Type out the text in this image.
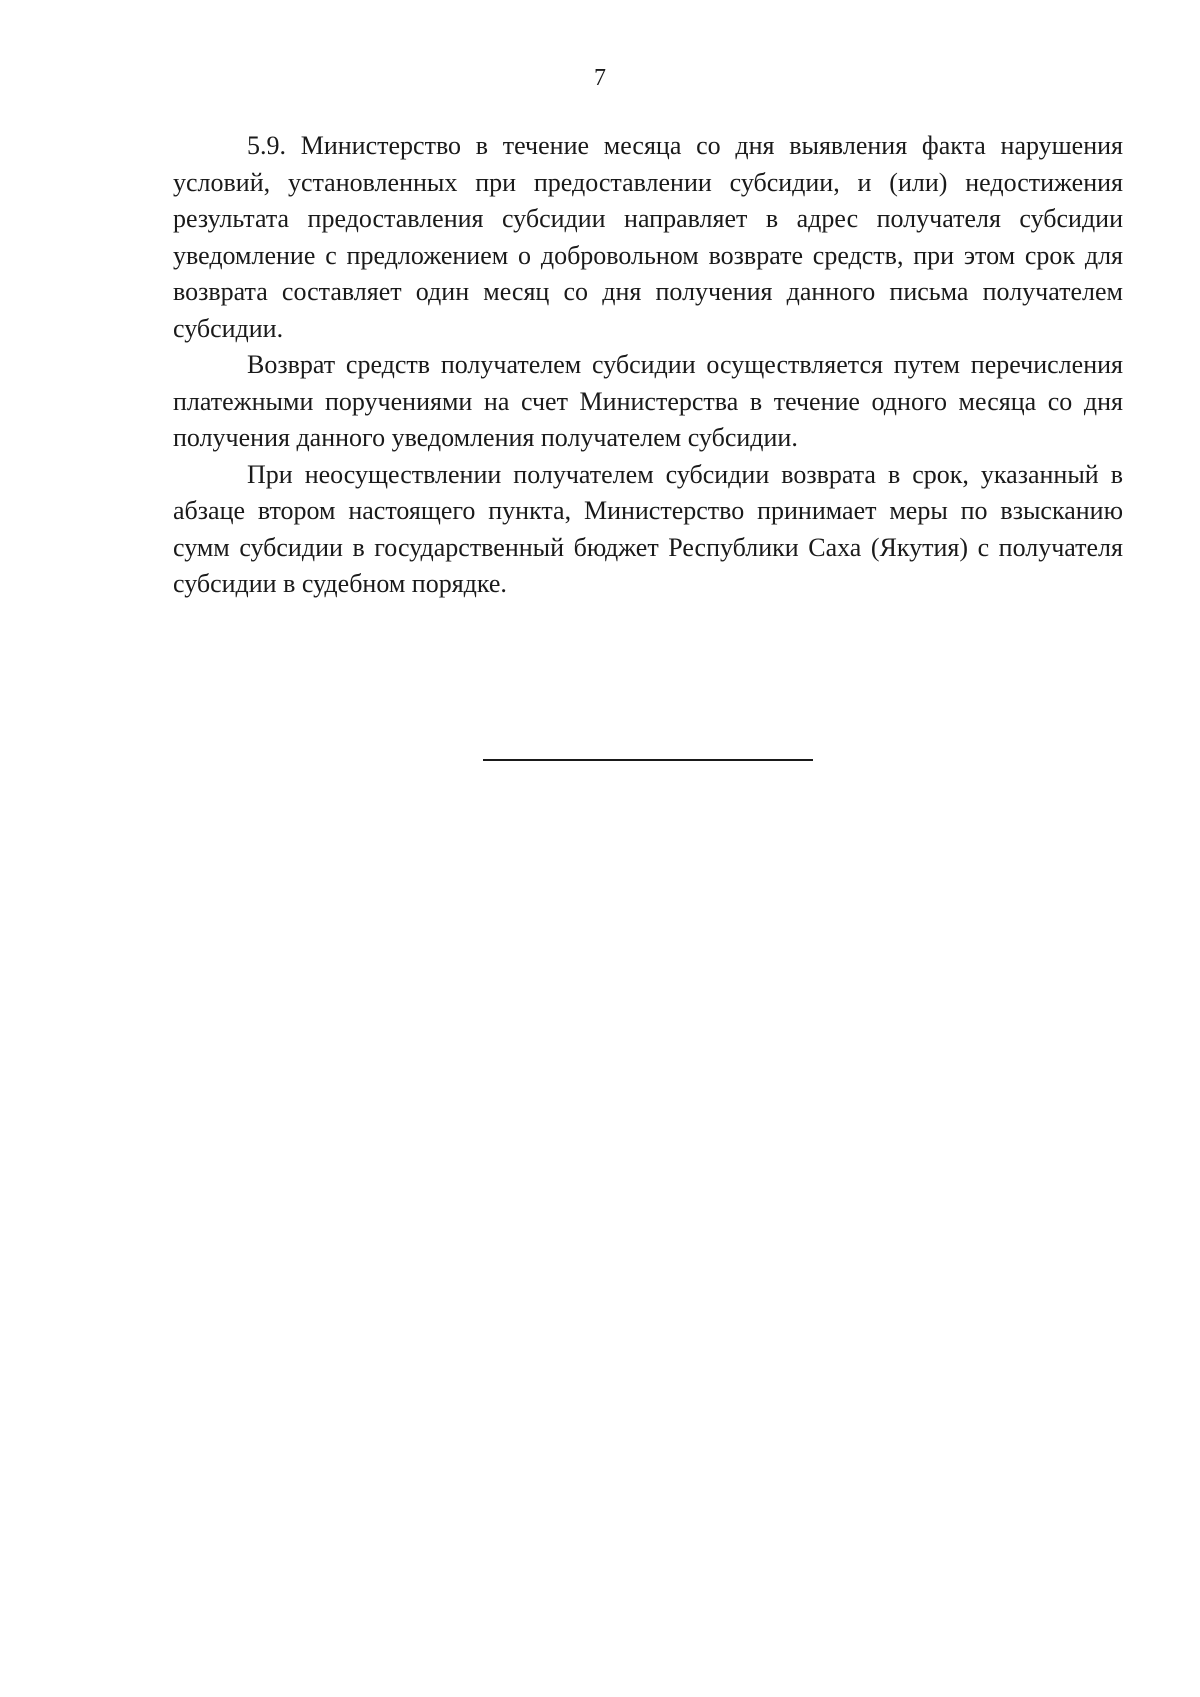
7

5.9. Министерство в течение месяца со дня выявления факта нарушения условий, установленных при предоставлении субсидии, и (или) недостижения результата предоставления субсидии направляет в адрес получателя субсидии уведомление с предложением о добровольном возврате средств, при этом срок для возврата составляет один месяц со дня получения данного письма получателем субсидии.

Возврат средств получателем субсидии осуществляется путем перечисления платежными поручениями на счет Министерства в течение одного месяца со дня получения данного уведомления получателем субсидии.

При неосуществлении получателем субсидии возврата в срок, указанный в абзаце втором настоящего пункта, Министерство принимает меры по взысканию сумм субсидии в государственный бюджет Республики Саха (Якутия) с получателя субсидии в судебном порядке.
